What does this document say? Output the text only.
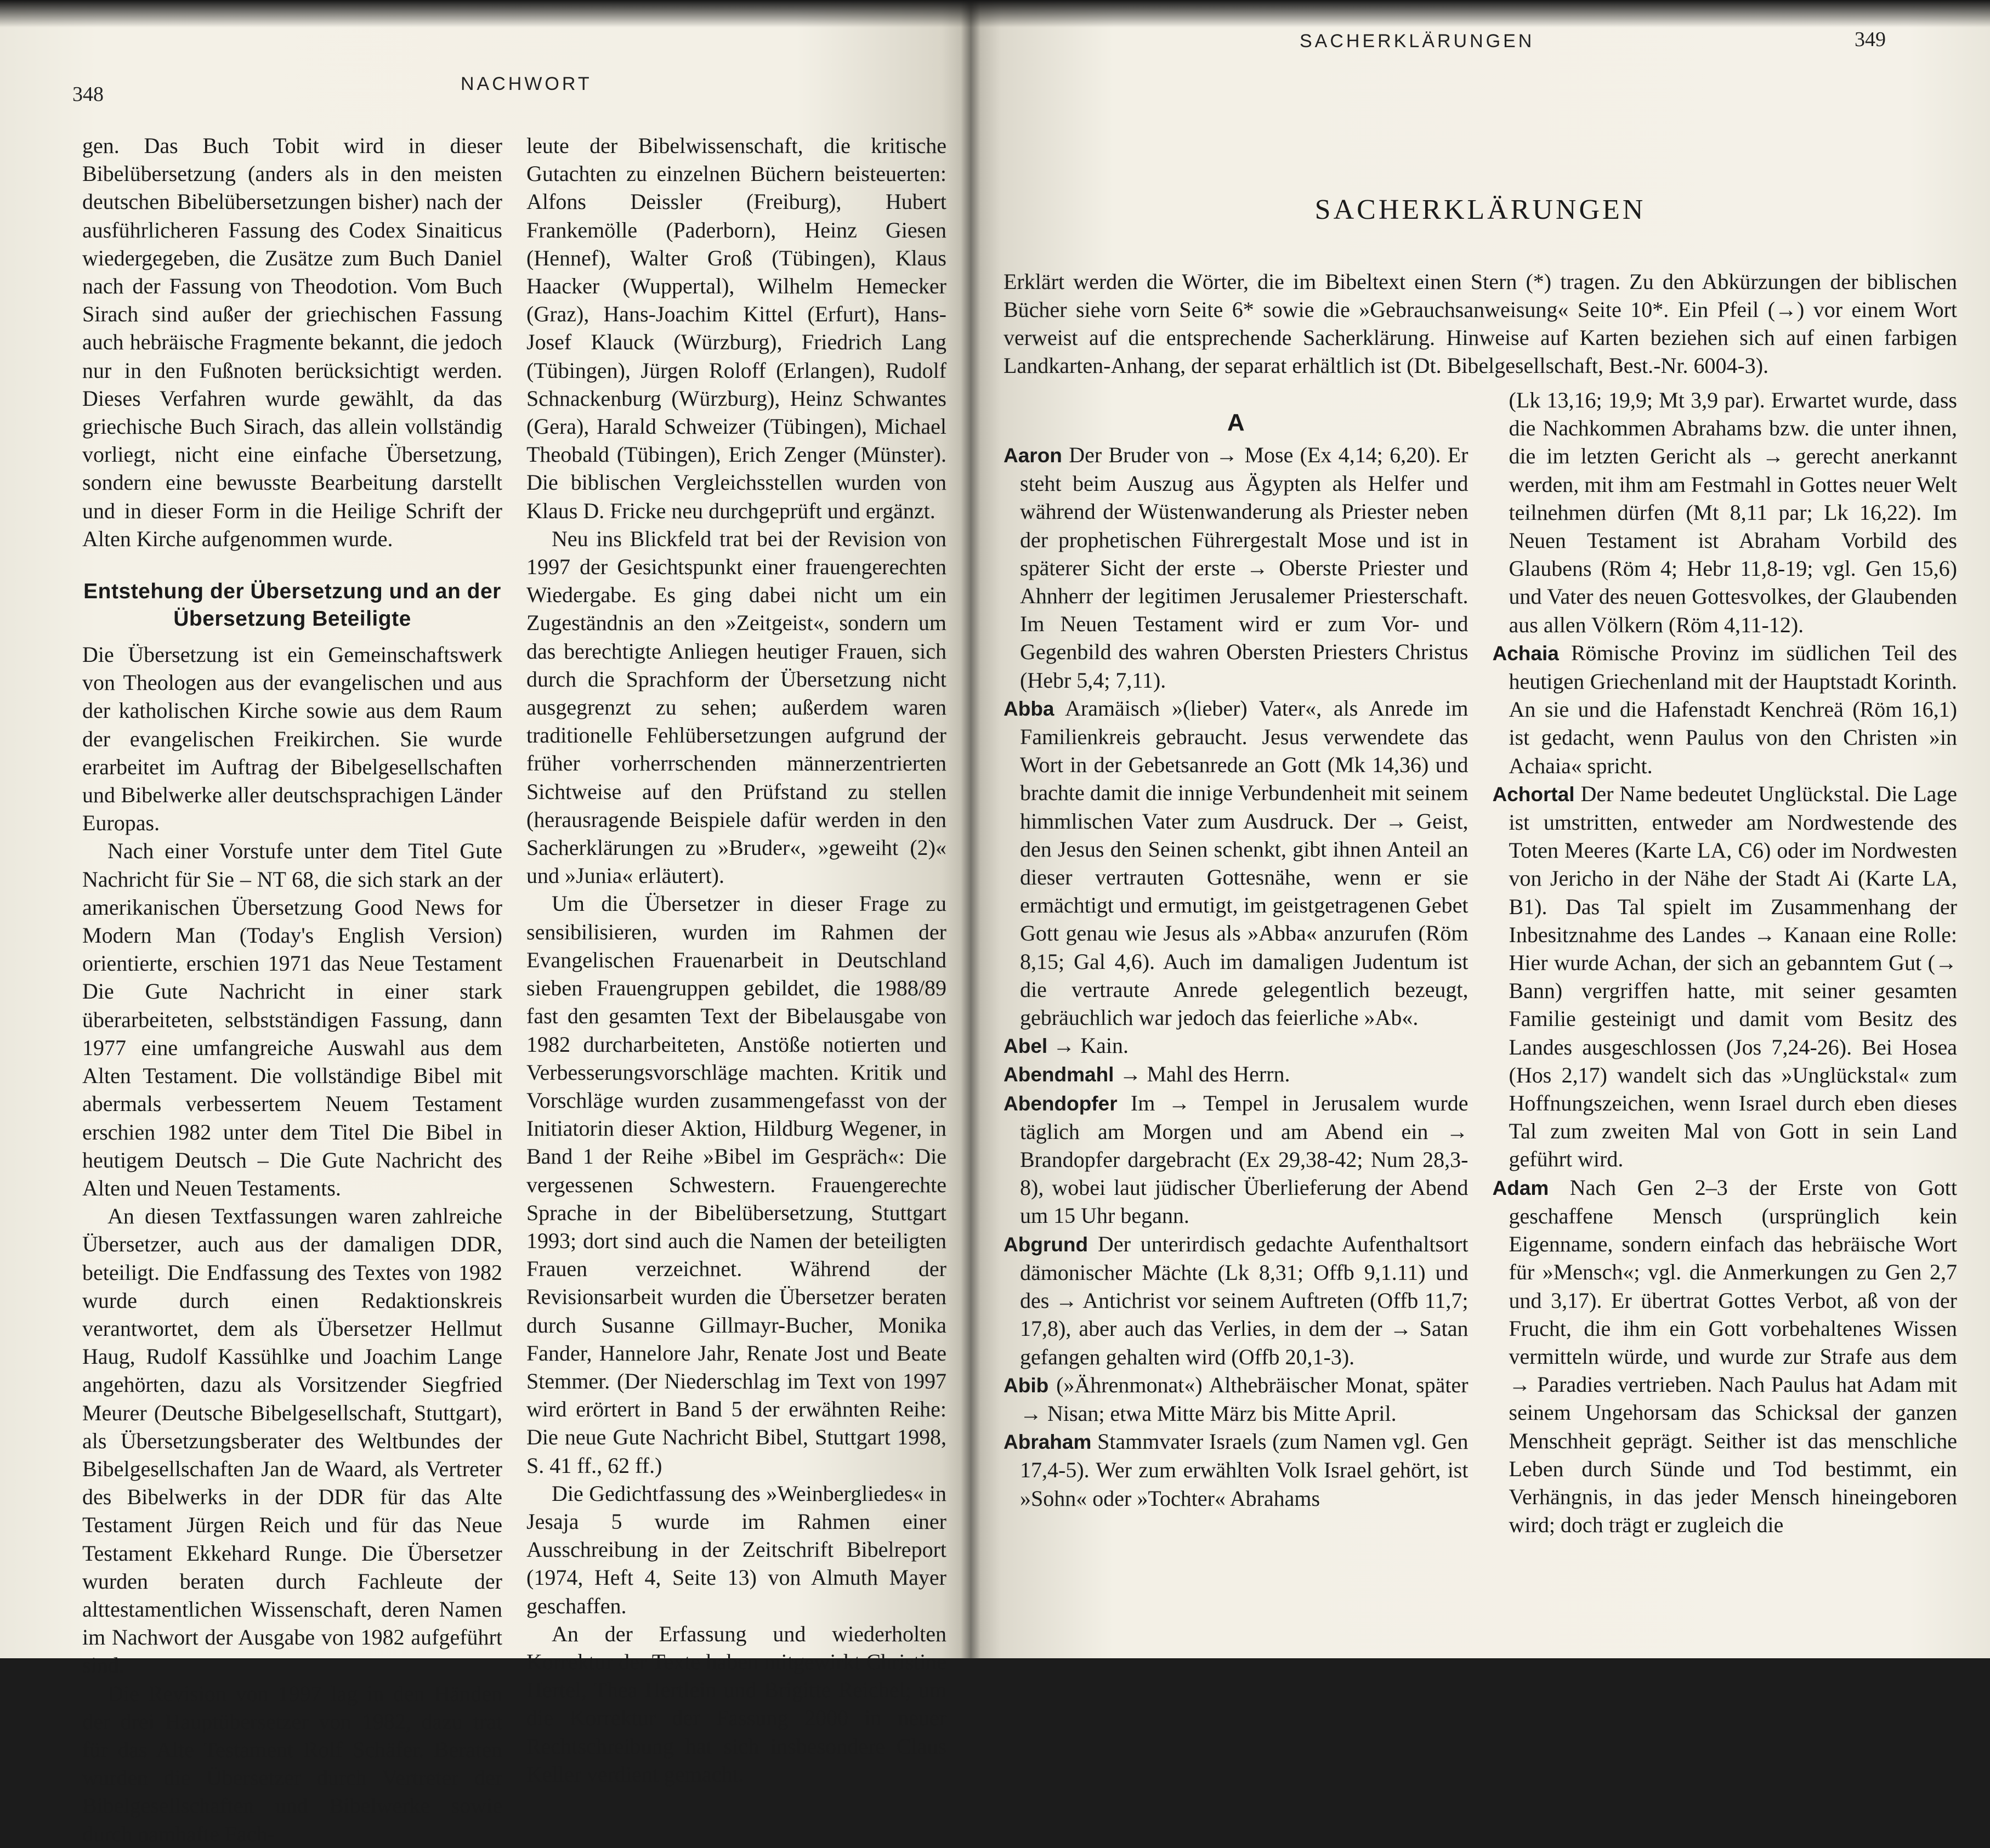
348	NACHWORT

gen. Das Buch Tobit wird in dieser Bibelübersetzung (anders als in den meisten deutschen Bibelübersetzungen bisher) nach der ausführlicheren Fassung des Codex Sinaiticus wiedergegeben, die Zusätze zum Buch Daniel nach der Fassung von Theodotion. Vom Buch Sirach sind außer der griechischen Fassung auch hebräische Fragmente bekannt, die jedoch nur in den Fußnoten berücksichtigt werden. Dieses Verfahren wurde gewählt, da das griechische Buch Sirach, das allein vollständig vorliegt, nicht eine einfache Übersetzung, sondern eine bewusste Bearbeitung darstellt und in dieser Form in die Heilige Schrift der Alten Kirche aufgenommen wurde.

Entstehung der Übersetzung und an der Übersetzung Beteiligte

Die Übersetzung ist ein Gemeinschaftswerk von Theologen aus der evangelischen und aus der katholischen Kirche sowie aus dem Raum der evangelischen Freikirchen. Sie wurde erarbeitet im Auftrag der Bibelgesellschaften und Bibelwerke aller deutschsprachigen Länder Europas.

Nach einer Vorstufe unter dem Titel Gute Nachricht für Sie – NT 68, die sich stark an der amerikanischen Übersetzung Good News for Modern Man (Today's English Version) orientierte, erschien 1971 das Neue Testament Die Gute Nachricht in einer stark überarbeiteten, selbstständigen Fassung, dann 1977 eine umfangreiche Auswahl aus dem Alten Testament. Die vollständige Bibel mit abermals verbessertem Neuem Testament erschien 1982 unter dem Titel Die Bibel in heutigem Deutsch – Die Gute Nachricht des Alten und Neuen Testaments.

An diesen Textfassungen waren zahlreiche Übersetzer, auch aus der damaligen DDR, beteiligt. Die Endfassung des Textes von 1982 wurde durch einen Redaktionskreis verantwortet, dem als Übersetzer Hellmut Haug, Rudolf Kassühlke und Joachim Lange angehörten, dazu als Vorsitzender Siegfried Meurer (Deutsche Bibelgesellschaft, Stuttgart), als Übersetzungsberater des Weltbundes der Bibelgesellschaften Jan de Waard, als Vertreter des Bibelwerks in der DDR für das Alte Testament Jürgen Reich und für das Neue Testament Ekkehard Runge. Die Übersetzer wurden beraten durch Fachleute der alttestamentlichen Wissenschaft, deren Namen im Nachwort der Ausgabe von 1982 aufgeführt sind.

Die Revision von 1997 lag in den Händen der drei Hauptübersetzer von 1982, dazu trat für das Alte Testament Rolf Schäfer. Beraten wurden die Übersetzer durch Vertreter der Bibelgesellschaften und Bibelwerke sowie durch namhafte Fach-

leute der Bibelwissenschaft, die kritische Gutachten zu einzelnen Büchern beisteuerten: Alfons Deissler (Freiburg), Hubert Frankemölle (Paderborn), Heinz Giesen (Hennef), Walter Groß (Tübingen), Klaus Haacker (Wuppertal), Wilhelm Hemecker (Graz), Hans-Joachim Kittel (Erfurt), Hans-Josef Klauck (Würzburg), Friedrich Lang (Tübingen), Jürgen Roloff (Erlangen), Rudolf Schnackenburg (Würzburg), Heinz Schwantes (Gera), Harald Schweizer (Tübingen), Michael Theobald (Tübingen), Erich Zenger (Münster). Die biblischen Vergleichsstellen wurden von Klaus D. Fricke neu durchgeprüft und ergänzt.

Neu ins Blickfeld trat bei der Revision von 1997 der Gesichtspunkt einer frauengerechten Wiedergabe. Es ging dabei nicht um ein Zugeständnis an den »Zeitgeist«, sondern um das berechtigte Anliegen heutiger Frauen, sich durch die Sprachform der Übersetzung nicht ausgegrenzt zu sehen; außerdem waren traditionelle Fehlübersetzungen aufgrund der früher vorherrschenden männerzentrierten Sichtweise auf den Prüfstand zu stellen (herausragende Beispiele dafür werden in den Sacherklärungen zu »Bruder«, »geweiht (2)« und »Junia« erläutert).

Um die Übersetzer in dieser Frage zu sensibilisieren, wurden im Rahmen der Evangelischen Frauenarbeit in Deutschland sieben Frauengruppen gebildet, die 1988/89 fast den gesamten Text der Bibelausgabe von 1982 durcharbeiteten, Anstöße notierten und Verbesserungsvorschläge machten. Kritik und Vorschläge wurden zusammengefasst von der Initiatorin dieser Aktion, Hildburg Wegener, in Band 1 der Reihe »Bibel im Gespräch«: Die vergessenen Schwestern. Frauengerechte Sprache in der Bibelübersetzung, Stuttgart 1993; dort sind auch die Namen der beteiligten Frauen verzeichnet. Während der Revisionsarbeit wurden die Übersetzer beraten durch Susanne Gillmayr-Bucher, Monika Fander, Hannelore Jahr, Renate Jost und Beate Stemmer. (Der Niederschlag im Text von 1997 wird erörtert in Band 5 der erwähnten Reihe: Die neue Gute Nachricht Bibel, Stuttgart 1998, S. 41 ff., 62 ff.)

Die Gedichtfassung des »Weinbergliedes« in Jesaja 5 wurde im Rahmen einer Ausschreibung in der Zeitschrift Bibelreport (1974, Heft 4, Seite 13) von Almuth Mayer geschaffen.

An der Erfassung und wiederholten Korrektur der Texte haben mitgewirkt Christine Hertel, Thea Hertlein und Brigitte Reichel; um die Korrektur der Fassung 2000 in neuer Rechtschreibung hat sich insbesondere Claus Keller verdient gemacht.

SACHERKLÄRUNGEN	349
SACHERKLÄRUNGEN

Erklärt werden die Wörter, die im Bibeltext einen Stern (*) tragen. Zu den Abkürzungen der biblischen Bücher siehe vorn Seite 6* sowie die »Gebrauchsanweisung« Seite 10*. Ein Pfeil (→) vor einem Wort verweist auf die entsprechende Sacherklärung. Hinweise auf Karten beziehen sich auf einen farbigen Landkarten-Anhang, der separat erhältlich ist (Dt. Bibelgesellschaft, Best.-Nr. 6004-3).

A

Aaron Der Bruder von → Mose (Ex 4,14; 6,20). Er steht beim Auszug aus Ägypten als Helfer und während der Wüstenwanderung als Priester neben der prophetischen Führergestalt Mose und ist in späterer Sicht der erste → Oberste Priester und Ahnherr der legitimen Jerusalemer Priesterschaft. Im Neuen Testament wird er zum Vor- und Gegenbild des wahren Obersten Priesters Christus (Hebr 5,4; 7,11).

Abba Aramäisch »(lieber) Vater«, als Anrede im Familienkreis gebraucht. Jesus verwendete das Wort in der Gebetsanrede an Gott (Mk 14,36) und brachte damit die innige Verbundenheit mit seinem himmlischen Vater zum Ausdruck. Der → Geist, den Jesus den Seinen schenkt, gibt ihnen Anteil an dieser vertrauten Gottesnähe, wenn er sie ermächtigt und ermutigt, im geistgetragenen Gebet Gott genau wie Jesus als »Abba« anzurufen (Röm 8,15; Gal 4,6). Auch im damaligen Judentum ist die vertraute Anrede gelegentlich bezeugt, gebräuchlich war jedoch das feierliche »Ab«.

Abel → Kain.

Abendmahl → Mahl des Herrn.

Abendopfer Im → Tempel in Jerusalem wurde täglich am Morgen und am Abend ein → Brandopfer dargebracht (Ex 29,38-42; Num 28,3-8), wobei laut jüdischer Überlieferung der Abend um 15 Uhr begann.

Abgrund Der unterirdisch gedachte Aufenthaltsort dämonischer Mächte (Lk 8,31; Offb 9,1.11) und des → Antichrist vor seinem Auftreten (Offb 11,7; 17,8), aber auch das Verlies, in dem der → Satan gefangen gehalten wird (Offb 20,1-3).

Abib (»Ährenmonat«) Althebräischer Monat, später → Nisan; etwa Mitte März bis Mitte April.

Abraham Stammvater Israels (zum Namen vgl. Gen 17,4-5). Wer zum erwählten Volk Israel gehört, ist »Sohn« oder »Tochter« Abrahams

(Lk 13,16; 19,9; Mt 3,9 par). Erwartet wurde, dass die Nachkommen Abrahams bzw. die unter ihnen, die im letzten Gericht als → gerecht anerkannt werden, mit ihm am Festmahl in Gottes neuer Welt teilnehmen dürfen (Mt 8,11 par; Lk 16,22). Im Neuen Testament ist Abraham Vorbild des Glaubens (Röm 4; Hebr 11,8-19; vgl. Gen 15,6) und Vater des neuen Gottesvolkes, der Glaubenden aus allen Völkern (Röm 4,11-12).

Achaia Römische Provinz im südlichen Teil des heutigen Griechenland mit der Hauptstadt Korinth. An sie und die Hafenstadt Kenchreä (Röm 16,1) ist gedacht, wenn Paulus von den Christen »in Achaia« spricht.

Achortal Der Name bedeutet Unglückstal. Die Lage ist umstritten, entweder am Nordwestende des Toten Meeres (Karte LA, C6) oder im Nordwesten von Jericho in der Nähe der Stadt Ai (Karte LA, B1). Das Tal spielt im Zusammenhang der Inbesitznahme des Landes → Kanaan eine Rolle: Hier wurde Achan, der sich an gebanntem Gut (→ Bann) vergriffen hatte, mit seiner gesamten Familie gesteinigt und damit vom Besitz des Landes ausgeschlossen (Jos 7,24-26). Bei Hosea (Hos 2,17) wandelt sich das »Unglückstal« zum Hoffnungszeichen, wenn Israel durch eben dieses Tal zum zweiten Mal von Gott in sein Land geführt wird.

Adam Nach Gen 2–3 der Erste von Gott geschaffene Mensch (ursprünglich kein Eigenname, sondern einfach das hebräische Wort für »Mensch«; vgl. die Anmerkungen zu Gen 2,7 und 3,17). Er übertrat Gottes Verbot, aß von der Frucht, die ihm ein Gott vorbehaltenes Wissen vermitteln würde, und wurde zur Strafe aus dem → Paradies vertrieben. Nach Paulus hat Adam mit seinem Ungehorsam das Schicksal der ganzen Menschheit geprägt. Seither ist das menschliche Leben durch Sünde und Tod bestimmt, ein Verhängnis, in das jeder Mensch hineingeboren wird; doch trägt er zugleich die
